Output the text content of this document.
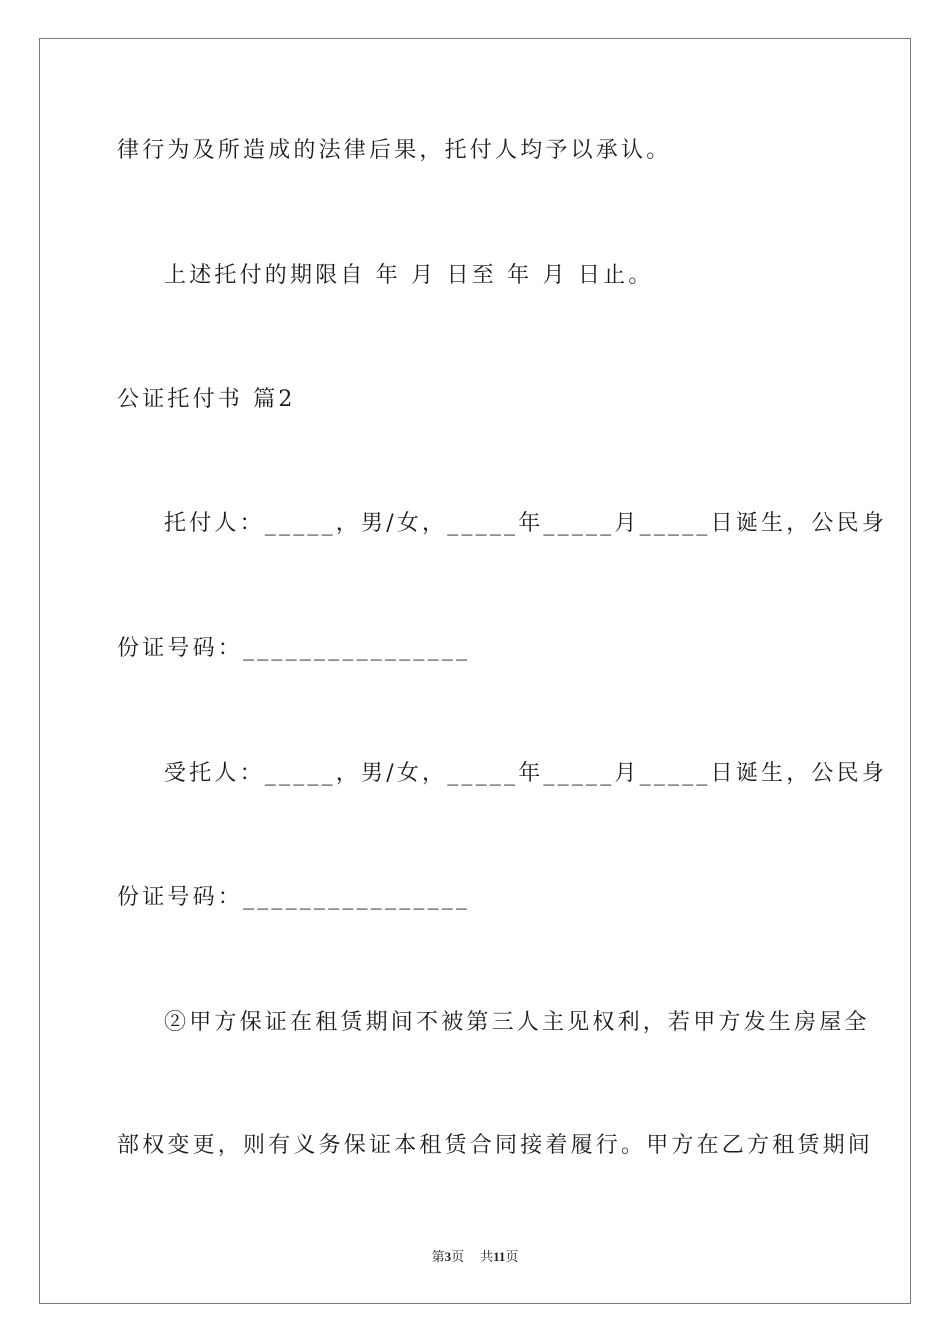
律行为及所造成的法律后果，托付人均予以承认。
上述托付的期限自 年 月 日至 年 月 日止。
公证托付书 篇2
托付人：_____，男/女，_____年_____月_____日诞生，公民身
份证号码：________________
受托人：_____，男/女，_____年_____月_____日诞生，公民身
份证号码：________________
②甲方保证在租赁期间不被第三人主见权利，若甲方发生房屋全
部权变更，则有义务保证本租赁合同接着履行。甲方在乙方租赁期间
第3页 共11页
